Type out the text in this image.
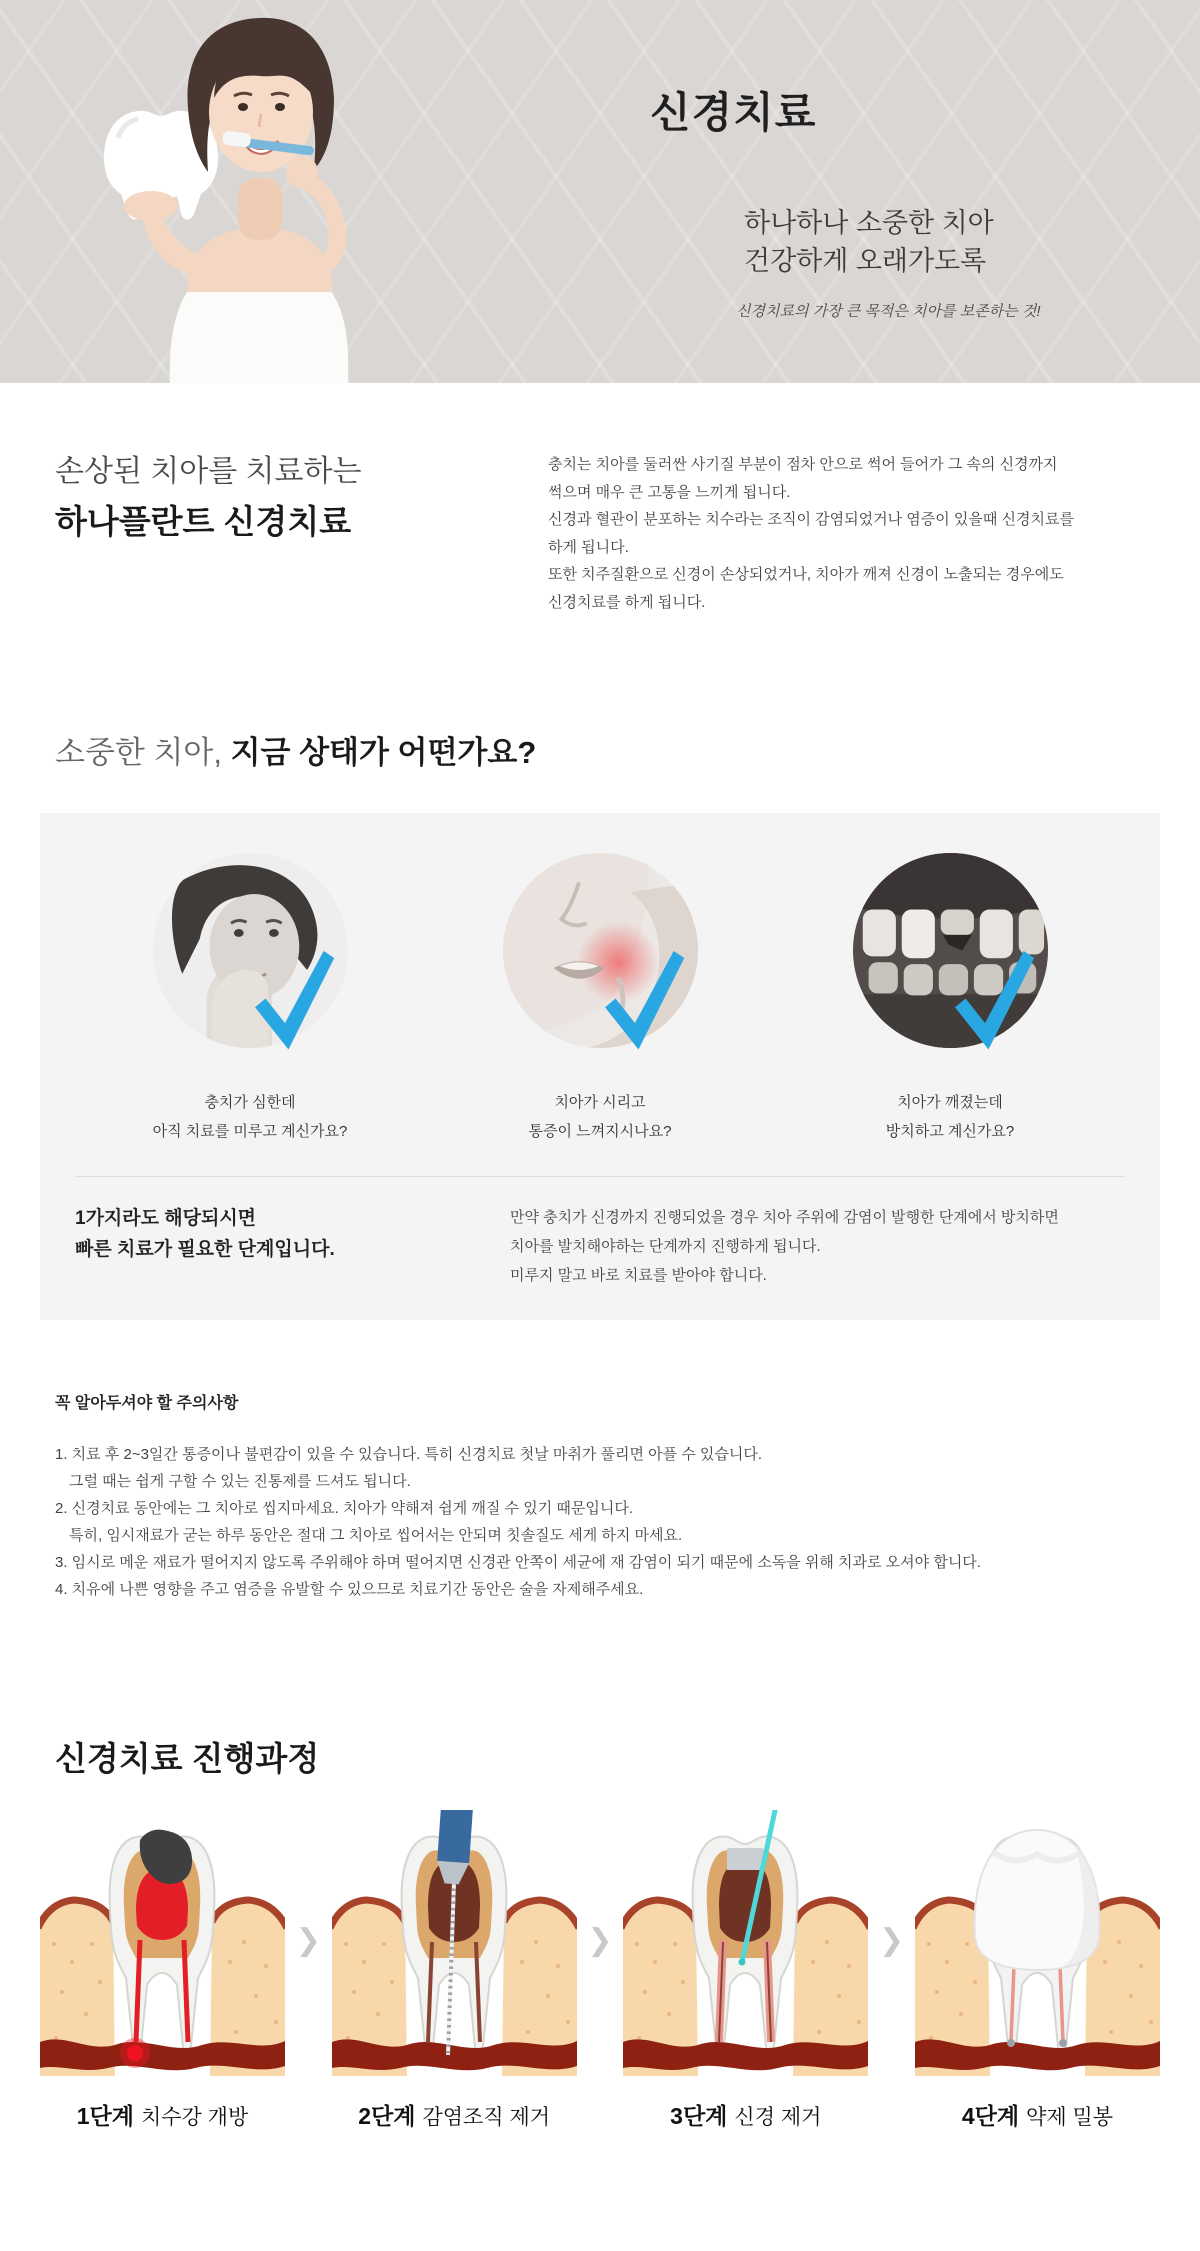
신경치료
하나하나 소중한 치아
건강하게 오래가도록
신경치료의 가장 큰 목적은 치아를 보존하는 것!
손상된 치아를 치료하는
하나플란트 신경치료
충치는 치아를 둘러싼 사기질 부분이 점차 안으로 썩어 들어가 그 속의 신경까지
썩으며 매우 큰 고통을 느끼게 됩니다.
신경과 혈관이 분포하는 치수라는 조직이 감염되었거나 염증이 있을때 신경치료를
하게 됩니다.
또한 치주질환으로 신경이 손상되었거나, 치아가 깨져 신경이 노출되는 경우에도
신경치료를 하게 됩니다.
소중한 치아, 지금 상태가 어떤가요?
충치가 심한데
아직 치료를 미루고 계신가요?
치아가 시리고
통증이 느껴지시나요?
치아가 깨졌는데
방치하고 계신가요?
1가지라도 해당되시면
빠른 치료가 필요한 단계입니다.
만약 충치가 신경까지 진행되었을 경우 치아 주위에 감염이 발행한 단계에서 방치하면
치아를 발치해야하는 단계까지 진행하게 됩니다.
미루지 말고 바로 치료를 받아야 합니다.
꼭 알아두셔야 할 주의사항
1. 치료 후 2~3일간 통증이나 불편감이 있을 수 있습니다. 특히 신경치료 첫날 마취가 풀리면 아플 수 있습니다.
그럴 때는 쉽게 구할 수 있는 진통제를 드셔도 됩니다.
2. 신경치료 동안에는 그 치아로 씹지마세요. 치아가 약해져 쉽게 깨질 수 있기 때문입니다.
특히, 임시재료가 굳는 하루 동안은 절대 그 치아로 씹어서는 안되며 칫솔질도 세게 하지 마세요.
3. 임시로 메운 재료가 떨어지지 않도록 주위해야 하며 떨어지면 신경관 안쪽이 세균에 재 감염이 되기 때문에 소독을 위해 치과로 오셔야 합니다.
4. 치유에 나쁜 영향을 주고 염증을 유발할 수 있으므로 치료기간 동안은 술을 자제해주세요.
신경치료 진행과정
1단계 치수강 개방
❯
2단계 감염조직 제거
❯
3단계 신경 제거
❯
4단계 약제 밀봉
